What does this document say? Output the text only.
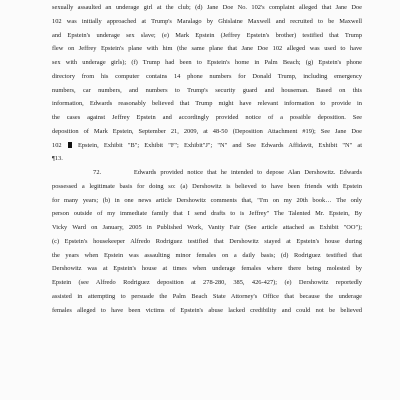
sexually assaulted an underage girl at the club; (d) Jane Doe No. 102's complaint alleged that Jane Doe
102 was initially approached at Trump's Maralago by Ghislaine Maxwell and recruited to be Maxwell
and Epstein's underage sex slave; (e) Mark Epstein (Jeffrey Epstein's brother) testified that Trump
flew on Jeffrey Epstein's plane with him (the same plane that Jane Doe 102 alleged was used to have
sex with underage girls); (f) Trump had been to Epstein's home in Palm Beach; (g) Epstein's phone
directory from his computer contains 14 phone numbers for Donald Trump, including emergency
numbers, car numbers, and numbers to Trump's security guard and houseman. Based on this
information, Edwards reasonably believed that Trump might have relevant information to provide in
the cases against Jeffrey Epstein and accordingly provided notice of a possible deposition. See
deposition of Mark Epstein, September 21, 2009, at 48-50 (Deposition Attachment #19); See Jane Doe
102	Epstein, Exhibit "B"; Exhibit "F"; Exhibit"J"; "N" and See Edwards Affidavit, Exhibit "N" at
¶13.
72.	Edwards provided notice that he intended to depose Alan Dershowitz. Edwards
possessed a legitimate basis for doing so: (a) Dershowitz is believed to have been friends with Epstein
for many years; (b) in one news article Dershowitz comments that, "I'm on my 20th book… The only
person outside of my immediate family that I send drafts to is Jeffrey" The Talented Mr. Epstein, By
Vicky Ward on January, 2005 in Published Work, Vanity Fair (See article attached as Exhibit "OO");
(c) Epstein's housekeeper Alfredo Rodriguez testified that Dershowitz stayed at Epstein's house during
the years when Epstein was assaulting minor females on a daily basis; (d) Rodriguez testified that
Dershowitz was at Epstein's house at times when underage females where there being molested by
Epstein (see Alfredo Rodriguez deposition at 278-280, 385, 426-427); (e) Dershowitz reportedly
assisted in attempting to persuade the Palm Beach State Attorney's Office that because the underage
females alleged to have been victims of Epstein's abuse lacked credibility and could not be believed
